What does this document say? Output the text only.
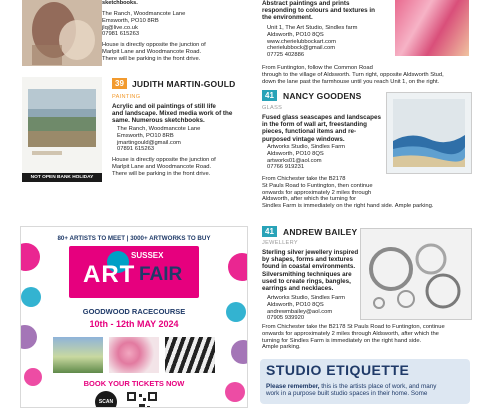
sketchbooks.
The Ranch, Woodmancote Lane
Emsworth, PO10 8RB
jlq@live.co.uk
07981 615263
House is directly opposite the junction of
Marlpit Lane and Woodmancote Road.
There will be parking in the front drive.
NOT OPEN BANK HOLIDAY
39 JUDITH MARTIN-GOULD
PAINTING
Acrylic and oil paintings of still life
and landscape. Mixed media work of the
same. Numerous sketchbooks.
The Ranch, Woodmancote Lane
Emsworth, PO10 8RB
jmartingould@gmail.com
07891 615263
House is directly opposite the junction of
Marlpit Lane and Woodmancote Road.
There will be parking in the front drive.
80+ ARTISTS TO MEET | 3000+ ARTWORKS TO BUY
SUSSEX
ART FAIR
GOODWOOD RACECOURSE
10th - 12th MAY 2024
BOOK YOUR TICKETS NOW
SCAN
Abstract paintings and prints
responding to colours and textures in
the environment.
Unit 1, The Art Studio, Sindles farm
Aldsworth, PO10 8QS
www.cherielubbockart.com
cherielubbock@gmail.com
07725 402886
From Funtington, follow the Common Road
through to the village of Aldsworth. Turn right, opposite Aldsworth Stud,
down the lane past the farmhouse until you reach Unit 1, on the right.
41	NANCY GOODENS
GLASS
Fused glass seascapes and landscapes
in the form of wall art, freestanding
pieces, functional items and re-
purposed vintage windows.
Artworks Studio, Sindles Farm
Aldsworth, PO10 8QS
artworks01@aol.com
07766 919231
From Chichester take the B2178
St Pauls Road to Funtington, then continue
onwards for approximately 2 miles through
Aldsworth, after which the turning for
Sindles Farm is immediately on the right hand side. Ample parking.
41	ANDREW BAILEY
JEWELLERY
Sterling silver jewellery inspired
by shapes, forms and textures
found in coastal environments.
Silversmithing techniques are
used to create rings, bangles,
earrings and necklaces.
Artworks Studio, Sindles Farm
Aldsworth, PO10 8QS
andrewmbailey@aol.com
07905 939920
From Chichester take the B2178 St Pauls Road to Funtington, continue
onwards for approximately 2 miles through Aldsworth, after which the
turning for Sindles Farm is immediately on the right hand side.
Ample parking.
STUDIO ETIQUETTE
Please remember, this is the artists place of work, and many
work in a purpose built studio spaces in their home. Some
